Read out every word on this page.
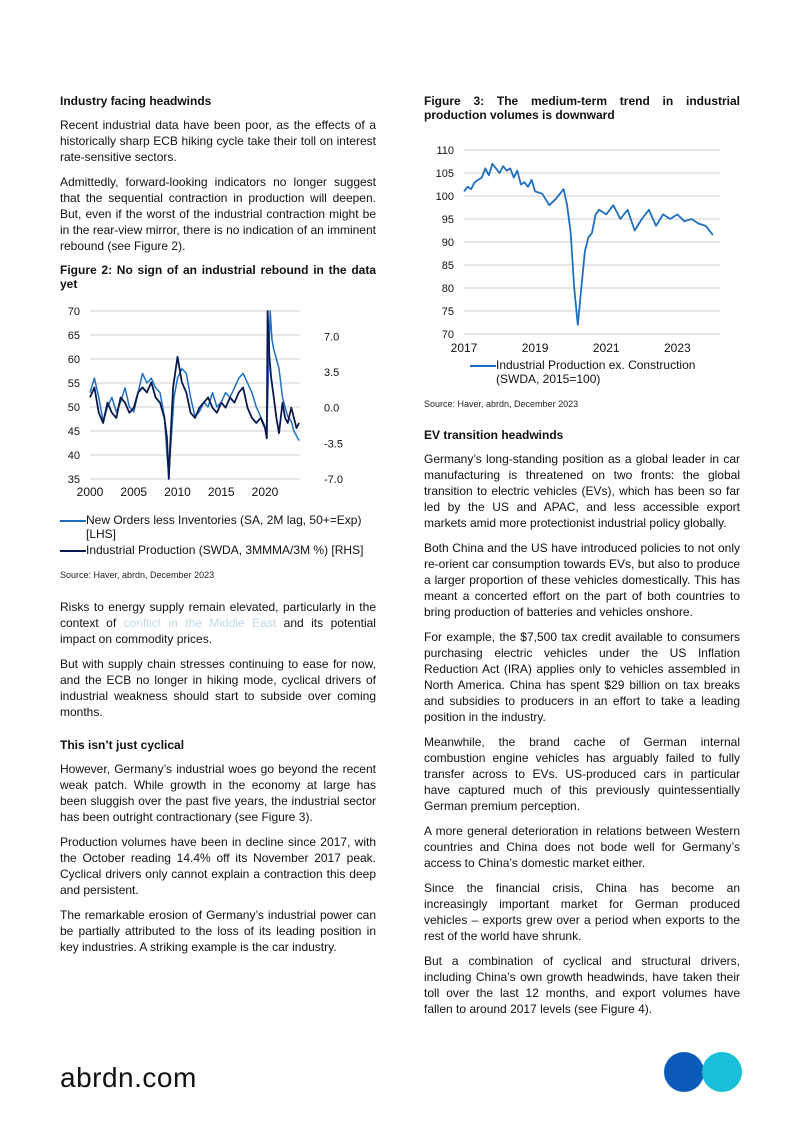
Industry facing headwinds

Recent industrial data have been poor, as the effects of a historically sharp ECB hiking cycle take their toll on interest rate-sensitive sectors.

Admittedly, forward-looking indicators no longer suggest that the sequential contraction in production will deepen. But, even if the worst of the industrial contraction might be in the rear-view mirror, there is no indication of an imminent rebound (see Figure 2).

Figure 2: No sign of an industrial rebound in the data yet
35
40
45
50
55
60
65
70
-7.0
-3.5
0.0
3.5
7.0
2000 2005 2010 2015 2020
New Orders less Inventories (SA, 2M lag, 50+=Exp) [LHS]
Industrial Production (SWDA, 3MMMA/3M %) [RHS]
Source: Haver, abrdn, December 2023

Risks to energy supply remain elevated, particularly in the context of conflict in the Middle East and its potential impact on commodity prices.

But with supply chain stresses continuing to ease for now, and the ECB no longer in hiking mode, cyclical drivers of industrial weakness should start to subside over coming months.

This isn’t just cyclical

However, Germany’s industrial woes go beyond the recent weak patch. While growth in the economy at large has been sluggish over the past five years, the industrial sector has been outright contractionary (see Figure 3).

Production volumes have been in decline since 2017, with the October reading 14.4% off its November 2017 peak. Cyclical drivers only cannot explain a contraction this deep and persistent.

The remarkable erosion of Germany’s industrial power can be partially attributed to the loss of its leading position in key industries. A striking example is the car industry.

Figure 3: The medium-term trend in industrial production volumes is downward
70
75
80
85
90
95
100
105
110
2017	2019	2021	2023
Industrial Production ex. Construction (SWDA, 2015=100)
Source: Haver, abrdn, December 2023
EV transition headwinds

Germany’s long-standing position as a global leader in car manufacturing is threatened on two fronts: the global transition to electric vehicles (EVs), which has been so far led by the US and APAC, and less accessible export markets amid more protectionist industrial policy globally.

Both China and the US have introduced policies to not only re-orient car consumption towards EVs, but also to produce a larger proportion of these vehicles domestically. This has meant a concerted effort on the part of both countries to bring production of batteries and vehicles onshore.

For example, the $7,500 tax credit available to consumers purchasing electric vehicles under the US Inflation Reduction Act (IRA) applies only to vehicles assembled in North America. China has spent $29 billion on tax breaks and subsidies to producers in an effort to take a leading position in the industry.

Meanwhile, the brand cache of German internal combustion engine vehicles has arguably failed to fully transfer across to EVs. US-produced cars in particular have captured much of this previously quintessentially German premium perception.

A more general deterioration in relations between Western countries and China does not bode well for Germany’s access to China’s domestic market either.

Since the financial crisis, China has become an increasingly important market for German produced vehicles – exports grew over a period when exports to the rest of the world have shrunk.

But a combination of cyclical and structural drivers, including China’s own growth headwinds, have taken their toll over the last 12 months, and export volumes have fallen to around 2017 levels (see Figure 4).

abrdn.com
